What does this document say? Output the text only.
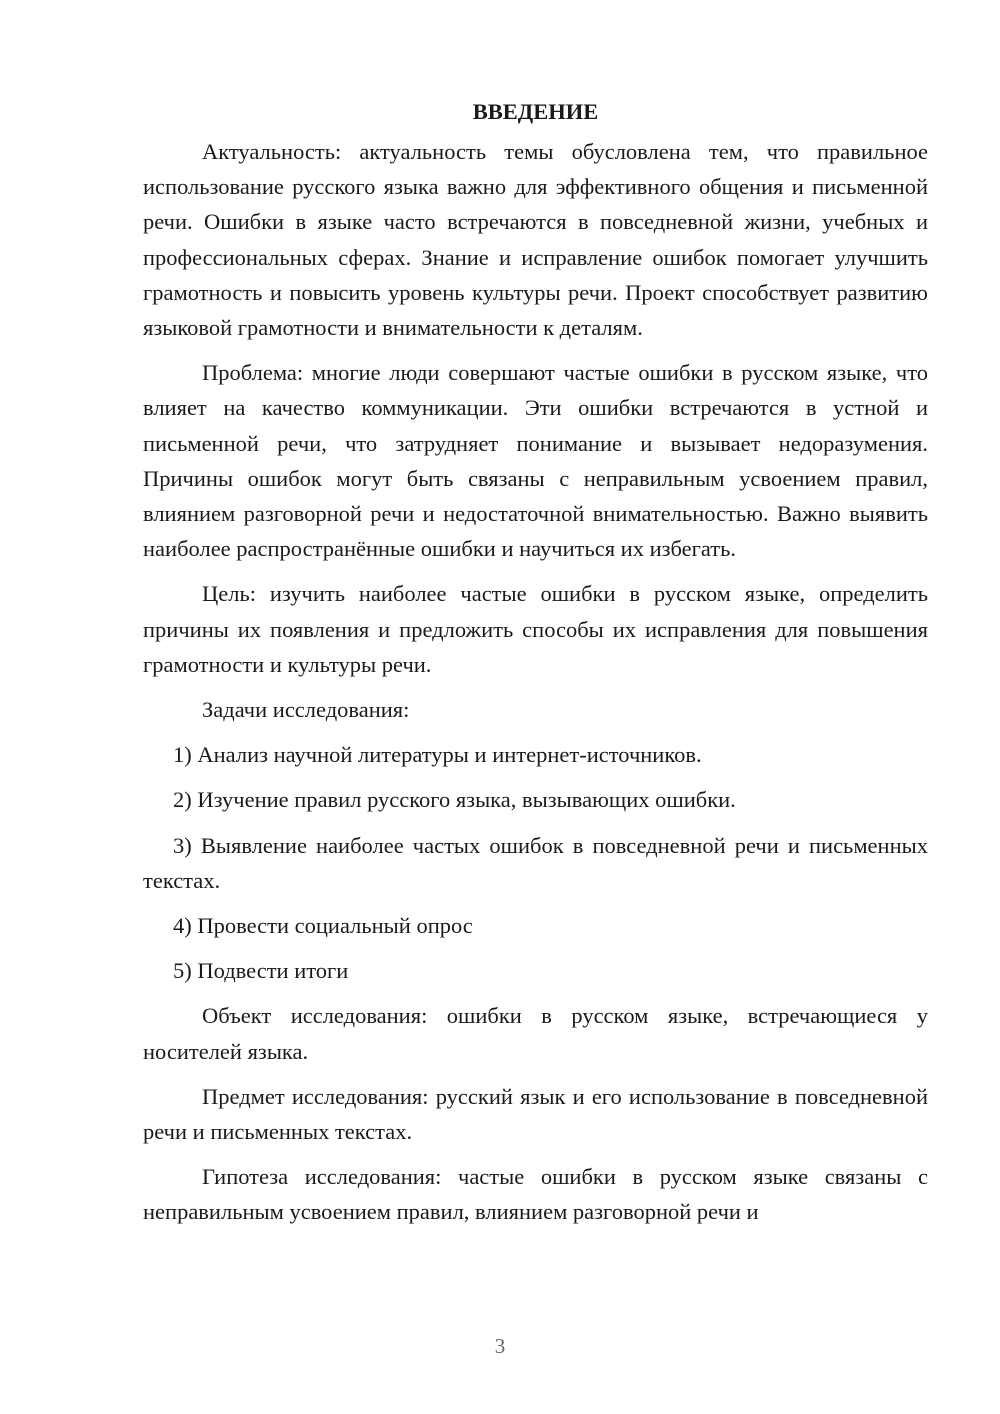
ВВЕДЕНИЕ

Актуальность: актуальность темы обусловлена тем, что правильное использование русского языка важно для эффективного общения и письменной речи. Ошибки в языке часто встречаются в повседневной жизни, учебных и профессиональных сферах. Знание и исправление ошибок помогает улучшить грамотность и повысить уровень культуры речи. Проект способствует развитию языковой грамотности и внимательности к деталям.

Проблема: многие люди совершают частые ошибки в русском языке, что влияет на качество коммуникации. Эти ошибки встречаются в устной и письменной речи, что затрудняет понимание и вызывает недоразумения. Причины ошибок могут быть связаны с неправильным усвоением правил, влиянием разговорной речи и недостаточной внимательностью. Важно выявить наиболее распространённые ошибки и научиться их избегать.

Цель: изучить наиболее частые ошибки в русском языке, определить причины их появления и предложить способы их исправления для повышения грамотности и культуры речи.

Задачи исследования:

1) Анализ научной литературы и интернет-источников.

2) Изучение правил русского языка, вызывающих ошибки.

3) Выявление наиболее частых ошибок в повседневной речи и письменных текстах.

4) Провести социальный опрос

5) Подвести итоги

Объект исследования: ошибки в русском языке, встречающиеся у носителей языка.

Предмет исследования: русский язык и его использование в повседневной речи и письменных текстах.

Гипотеза исследования: частые ошибки в русском языке связаны с неправильным усвоением правил, влиянием разговорной речи и

3
